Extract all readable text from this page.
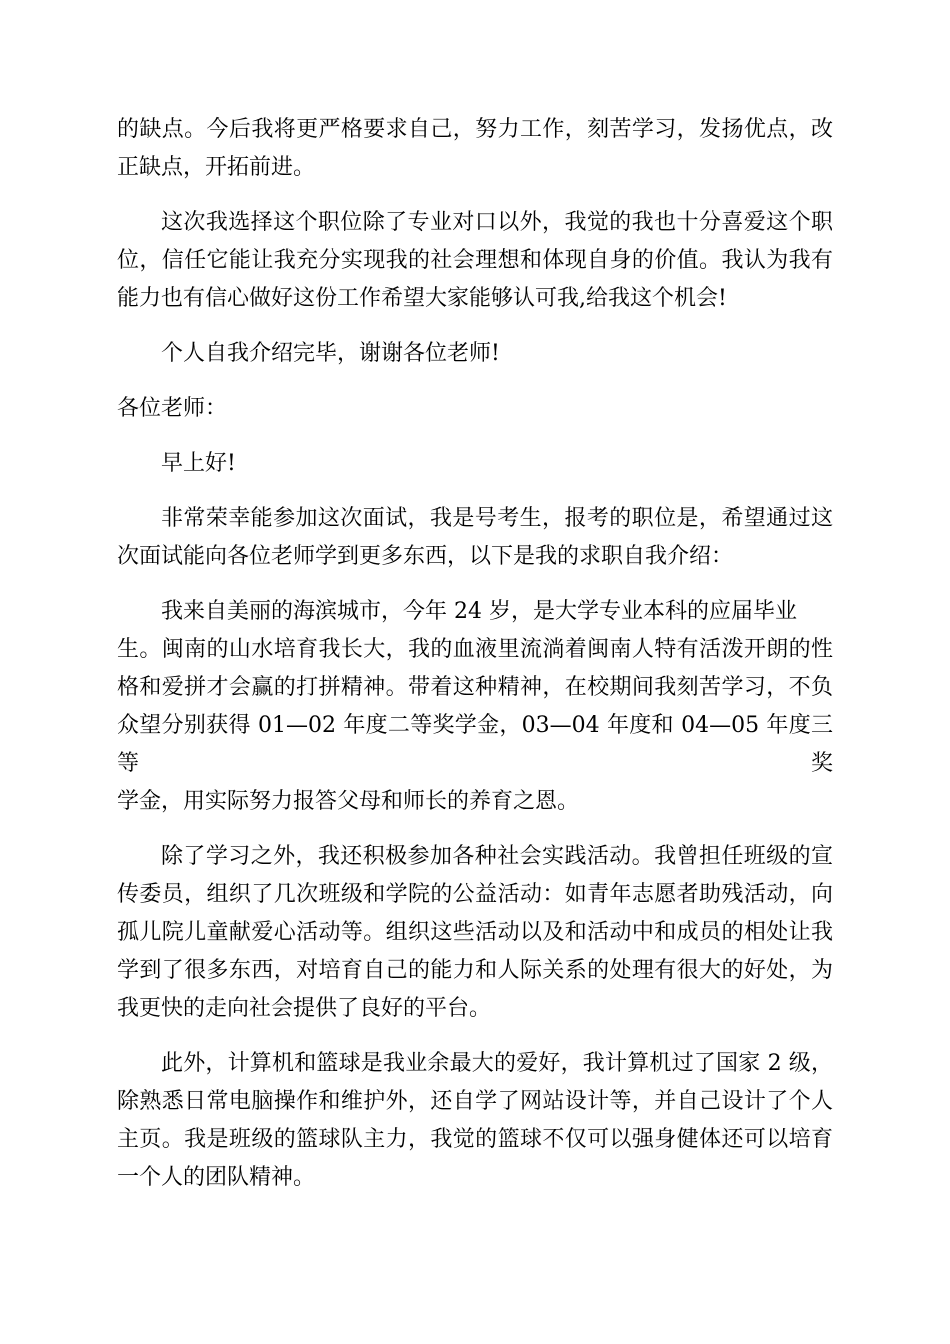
的缺点。今后我将更严格要求自己，努力工作，刻苦学习，发扬优点，改
正缺点，开拓前进。

这次我选择这个职位除了专业对口以外，我觉的我也十分喜爱这个职
位，信任它能让我充分实现我的社会理想和体现自身的价值。我认为我有
能力也有信心做好这份工作希望大家能够认可我,给我这个机会!

个人自我介绍完毕，谢谢各位老师!

各位老师：

早上好!

非常荣幸能参加这次面试，我是号考生，报考的职位是，希望通过这
次面试能向各位老师学到更多东西，以下是我的求职自我介绍：

我来自美丽的海滨城市，今年 24 岁，是大学专业本科的应届毕业
生。闽南的山水培育我长大，我的血液里流淌着闽南人特有活泼开朗的性
格和爱拼才会赢的打拼精神。带着这种精神，在校期间我刻苦学习，不负
众望分别获得 01—02 年度二等奖学金，03—04 年度和 04—05 年度三等奖
学金，用实际努力报答父母和师长的养育之恩。

除了学习之外，我还积极参加各种社会实践活动。我曾担任班级的宣
传委员，组织了几次班级和学院的公益活动：如青年志愿者助残活动，向
孤儿院儿童献爱心活动等。组织这些活动以及和活动中和成员的相处让我
学到了很多东西，对培育自己的能力和人际关系的处理有很大的好处，为
我更快的走向社会提供了良好的平台。

此外，计算机和篮球是我业余最大的爱好，我计算机过了国家 2 级，
除熟悉日常电脑操作和维护外，还自学了网站设计等，并自己设计了个人
主页。我是班级的篮球队主力，我觉的篮球不仅可以强身健体还可以培育
一个人的团队精神。
